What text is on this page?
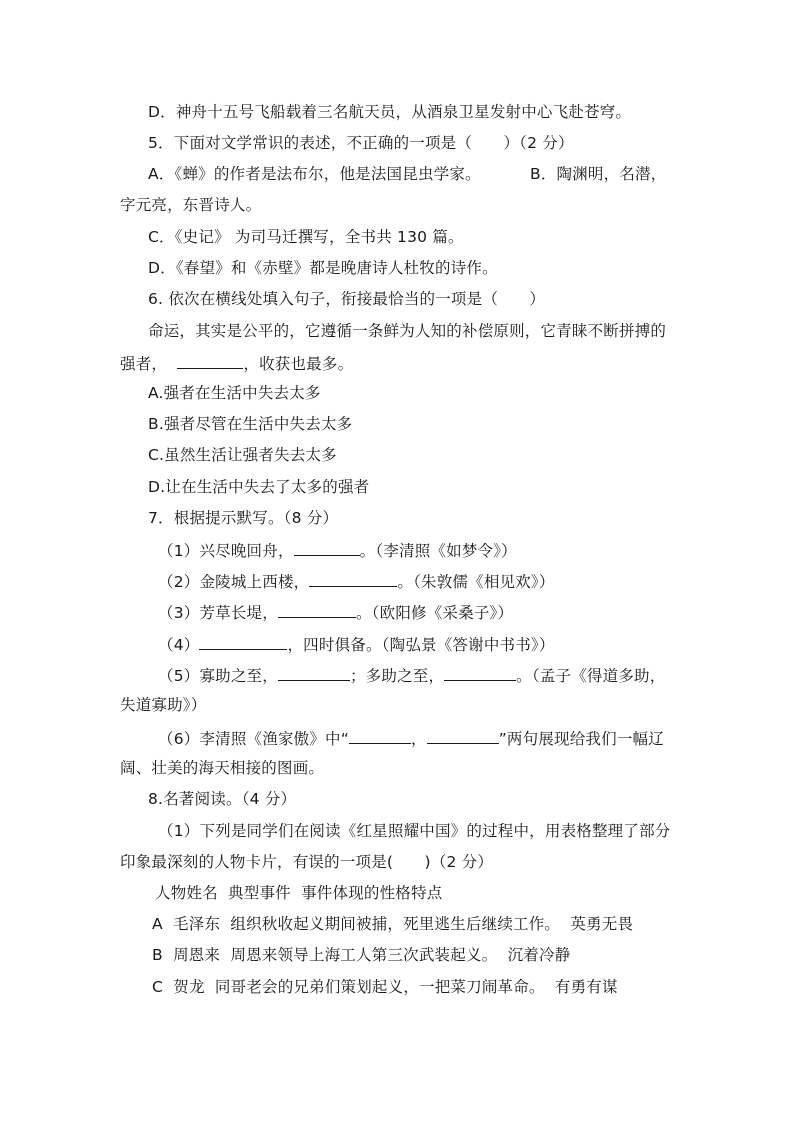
D．神舟十五号飞船载着三名航天员，从酒泉卫星发射中心飞赴苍穹。
5．下面对文学常识的表述，不正确的一项是（　　）（2 分）
A．《蝉》的作者是法布尔，他是法国昆虫学家。	B．陶渊明，名潜，
字元亮，东晋诗人。
C．《史记》 为司马迁撰写，全书共 130 篇。
D．《春望》和《赤壁》都是晚唐诗人杜牧的诗作。
6. 依次在横线处填入句子，衔接最恰当的一项是（　　）
命运，其实是公平的，它遵循一条鲜为人知的补偿原则，它青睐不断拼搏的
强者，	，收获也最多。
A.强者在生活中失去太多
B.强者尽管在生活中失去太多
C.虽然生活让强者失去太多
D.让在生活中失去了太多的强者
7．根据提示默写。（8 分）
（1）兴尽晚回舟，	。（李清照《如梦令》）
（2）金陵城上西楼，	。（朱敦儒《相见欢》）
（3）芳草长堤，	。（欧阳修《采桑子》）
（4）	，四时俱备。（陶弘景《答谢中书书》）
（5）寡助之至，	；多助之至，	。（孟子《得道多助，
失道寡助》）
（6）李清照《渔家傲》中“	，	”两句展现给我们一幅辽
阔、壮美的海天相接的图画。
8.名著阅读。（4 分）
（1）下列是同学们在阅读《红星照耀中国》的过程中，用表格整理了部分
印象最深刻的人物卡片，有误的一项是(　　)（2 分）
人物姓名  典型事件  事件体现的性格特点
A  毛泽东  组织秋收起义期间被捕，死里逃生后继续工作。  英勇无畏
B  周恩来  周恩来领导上海工人第三次武装起义。  沉着冷静
C  贺龙  同哥老会的兄弟们策划起义，一把菜刀闹革命。  有勇有谋
